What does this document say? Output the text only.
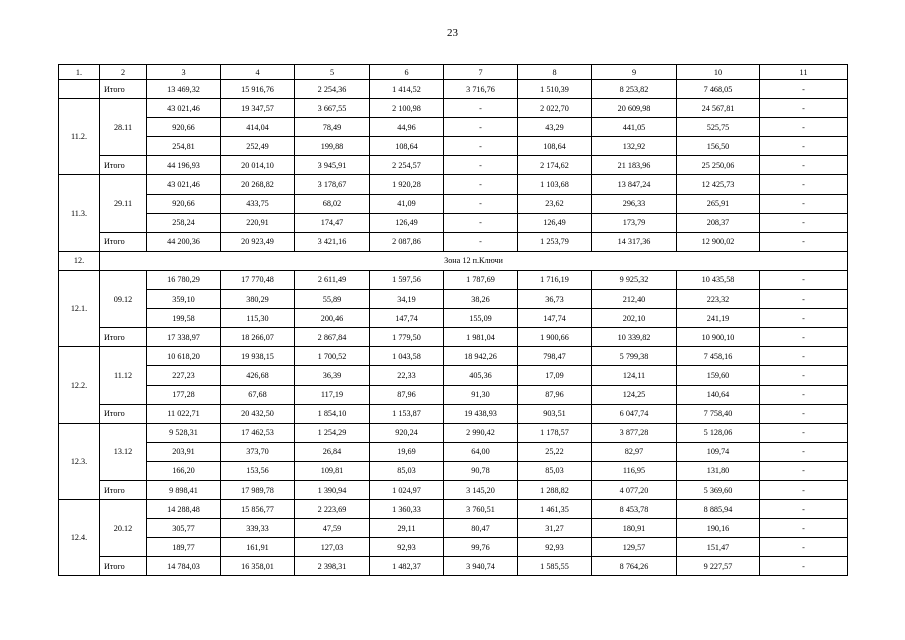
23
1.	2	3	4	5	6	7	8	9	10	11
	Итого	13 469,32	15 916,76	2 254,36	1 414,52	3 716,76	1 510,39	8 253,82	7 468,05	-
11.2.	28.11	43 021,46	19 347,57	3 667,55	2 100,98	-	2 022,70	20 609,98	24 567,81	-
		920,66	414,04	78,49	44,96	-	43,29	441,05	525,75	-
		254,81	252,49	199,88	108,64	-	108,64	132,92	156,50	-
	Итого	44 196,93	20 014,10	3 945,91	2 254,57	-	2 174,62	21 183,96	25 250,06	-
11.3.	29.11	43 021,46	20 268,82	3 178,67	1 920,28	-	1 103,68	13 847,24	12 425,73	-
		920,66	433,75	68,02	41,09	-	23,62	296,33	265,91	-
		258,24	220,91	174,47	126,49	-	126,49	173,79	208,37	-
	Итого	44 200,36	20 923,49	3 421,16	2 087,86	-	1 253,79	14 317,36	12 900,02	-
12.	Зона 12 п.Ключи									
12.1.	09.12	16 780,29	17 770,48	2 611,49	1 597,56	1 787,69	1 716,19	9 925,32	10 435,58	-
		359,10	380,29	55,89	34,19	38,26	36,73	212,40	223,32	-
		199,58	115,30	200,46	147,74	155,09	147,74	202,10	241,19	-
	Итого	17 338,97	18 266,07	2 867,84	1 779,50	1 981,04	1 900,66	10 339,82	10 900,10	-
12.2.	11.12	10 618,20	19 938,15	1 700,52	1 043,58	18 942,26	798,47	5 799,38	7 458,16	-
		227,23	426,68	36,39	22,33	405,36	17,09	124,11	159,60	-
		177,28	67,68	117,19	87,96	91,30	87,96	124,25	140,64	-
	Итого	11 022,71	20 432,50	1 854,10	1 153,87	19 438,93	903,51	6 047,74	7 758,40	-
12.3.	13.12	9 528,31	17 462,53	1 254,29	920,24	2 990,42	1 178,57	3 877,28	5 128,06	-
		203,91	373,70	26,84	19,69	64,00	25,22	82,97	109,74	-
		166,20	153,56	109,81	85,03	90,78	85,03	116,95	131,80	-
	Итого	9 898,41	17 989,78	1 390,94	1 024,97	3 145,20	1 288,82	4 077,20	5 369,60	-
12.4.	20.12	14 288,48	15 856,77	2 223,69	1 360,33	3 760,51	1 461,35	8 453,78	8 885,94	-
		305,77	339,33	47,59	29,11	80,47	31,27	180,91	190,16	-
		189,77	161,91	127,03	92,93	99,76	92,93	129,57	151,47	-
	Итого	14 784,03	16 358,01	2 398,31	1 482,37	3 940,74	1 585,55	8 764,26	9 227,57	-
